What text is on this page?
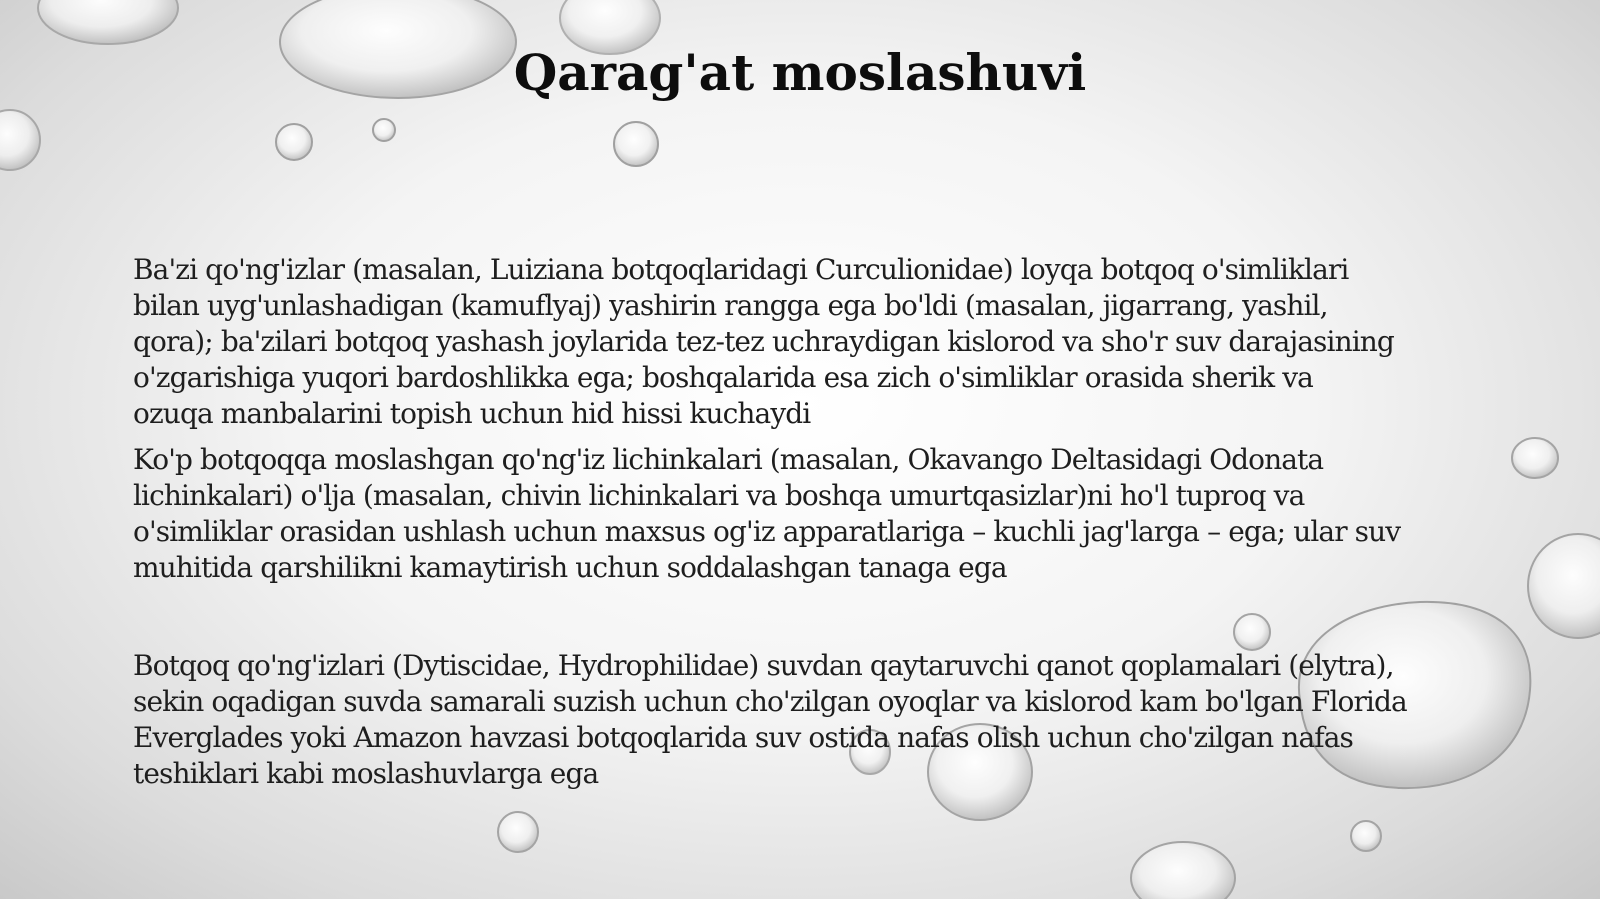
Qarag'at moslashuvi

Ba'zi qo'ng'izlar (masalan, Luiziana botqoqlaridagi Curculionidae) loyqa botqoq o'simliklari
bilan uyg'unlashadigan (kamuflyaj) yashirin rangga ega bo'ldi (masalan, jigarrang, yashil,
qora); ba'zilari botqoq yashash joylarida tez-tez uchraydigan kislorod va sho'r suv darajasining
o'zgarishiga yuqori bardoshlikka ega; boshqalarida esa zich o'simliklar orasida sherik va
ozuqa manbalarini topish uchun hid hissi kuchaydi

Ko'p botqoqqa moslashgan qo'ng'iz lichinkalari (masalan, Okavango Deltasidagi Odonata
lichinkalari) o'lja (masalan, chivin lichinkalari va boshqa umurtqasizlar)ni ho'l tuproq va
o'simliklar orasidan ushlash uchun maxsus og'iz apparatlariga – kuchli jag'larga – ega; ular suv
muhitida qarshilikni kamaytirish uchun soddalashgan tanaga ega

Botqoq qo'ng'izlari (Dytiscidae, Hydrophilidae) suvdan qaytaruvchi qanot qoplamalari (elytra),
sekin oqadigan suvda samarali suzish uchun cho'zilgan oyoqlar va kislorod kam bo'lgan Florida
Everglades yoki Amazon havzasi botqoqlarida suv ostida nafas olish uchun cho'zilgan nafas
teshiklari kabi moslashuvlarga ega
